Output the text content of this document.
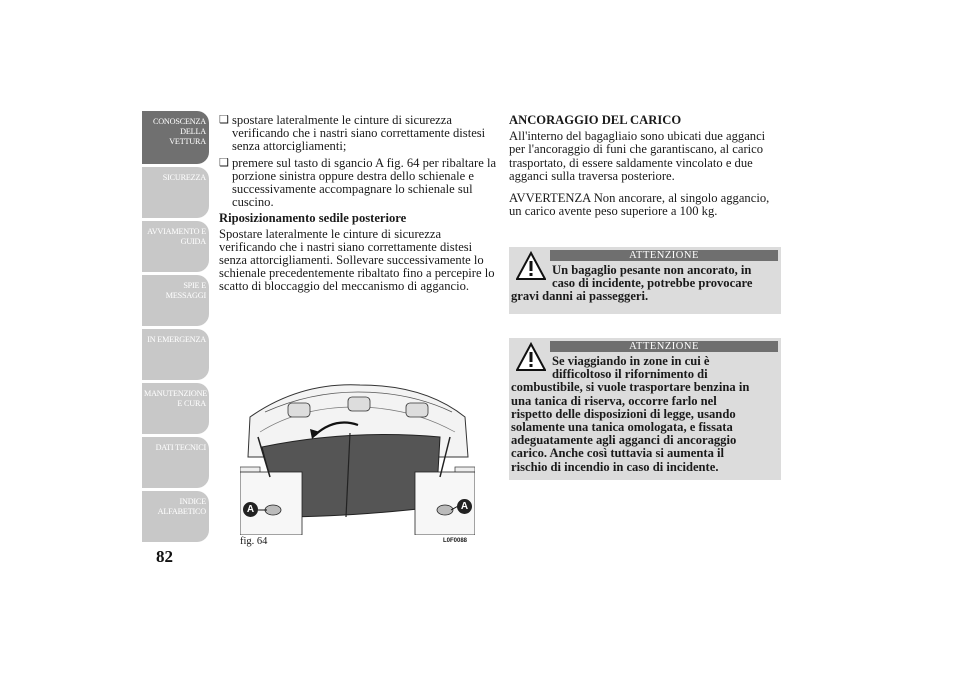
CONOSCENZA DELLA VETTURA
SICUREZZA
AVVIAMENTO E GUIDA
SPIE E MESSAGGI
IN EMERGENZA
MANUTENZIONE E CURA
DATI TECNICI
INDICE ALFABETICO
82
❑ spostare lateralmente le cinture di sicurezza verificando che i nastri siano correttamente distesi senza attorcigliamenti;
❑ premere sul tasto di sgancio A fig. 64 per ribaltare la porzione sinistra oppure destra dello schienale e successivamente accompagnare lo schienale sul cuscino.
Riposizionamento sedile posteriore

Spostare lateralmente le cinture di sicurezza verificando che i nastri siano correttamente distesi senza attorcigliamenti. Sollevare successivamente lo schienale precedentemente ribaltato fino a percepire lo scatto di bloccaggio del meccanismo di aggancio.

A	A
fig. 64	L0F0088
ANCORAGGIO DEL CARICO

All'interno del bagagliaio sono ubicati due agganci per l'ancoraggio di funi che garantiscano, al carico trasportato, di essere saldamente vincolato e due agganci sulla traversa posteriore.

AVVERTENZA Non ancorare, al singolo aggancio, un carico avente peso superiore a 100 kg.

ATTENZIONE
Un bagaglio pesante non ancorato, in
caso di incidente, potrebbe provocare
gravi danni ai passeggeri.
ATTENZIONE
Se viaggiando in zone in cui è
difficoltoso il rifornimento di
combustibile, si vuole trasportare benzina in
una tanica di riserva, occorre farlo nel
rispetto delle disposizioni di legge, usando
solamente una tanica omologata, e fissata
adeguatamente agli agganci di ancoraggio
carico. Anche così tuttavia si aumenta il
rischio di incendio in caso di incidente.
